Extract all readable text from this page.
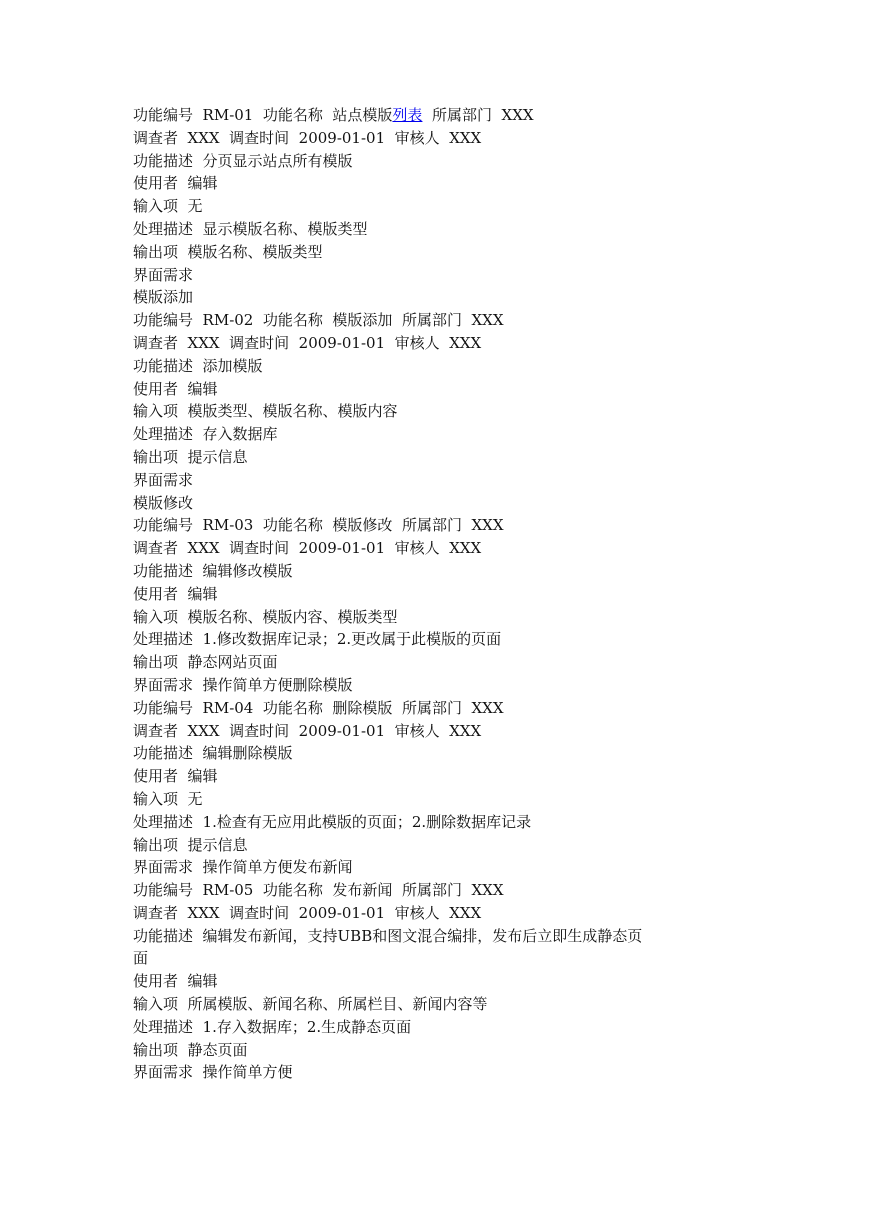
功能编号  RM-01  功能名称  站点模版列表  所属部门  XXX
调查者  XXX  调查时间  2009-01-01  审核人  XXX
功能描述  分页显示站点所有模版
使用者  编辑
输入项  无
处理描述  显示模版名称、模版类型
输出项  模版名称、模版类型
界面需求
模版添加
功能编号  RM-02  功能名称  模版添加  所属部门  XXX
调查者  XXX  调查时间  2009-01-01  审核人  XXX
功能描述  添加模版
使用者  编辑
输入项  模版类型、模版名称、模版内容
处理描述  存入数据库
输出项  提示信息
界面需求
模版修改
功能编号  RM-03  功能名称  模版修改  所属部门  XXX
调查者  XXX  调查时间  2009-01-01  审核人  XXX
功能描述  编辑修改模版
使用者  编辑
输入项  模版名称、模版内容、模版类型
处理描述  1.修改数据库记录；2.更改属于此模版的页面
输出项  静态网站页面
界面需求  操作简单方便删除模版
功能编号  RM-04  功能名称  删除模版  所属部门  XXX
调查者  XXX  调查时间  2009-01-01  审核人  XXX
功能描述  编辑删除模版
使用者  编辑
输入项  无
处理描述  1.检查有无应用此模版的页面；2.删除数据库记录
输出项  提示信息
界面需求  操作简单方便发布新闻
功能编号  RM-05  功能名称  发布新闻  所属部门  XXX
调查者  XXX  调查时间  2009-01-01  审核人  XXX
功能描述  编辑发布新闻，支持UBB和图文混合编排，发布后立即生成静态页
面
使用者  编辑
输入项  所属模版、新闻名称、所属栏目、新闻内容等
处理描述  1.存入数据库；2.生成静态页面
输出项  静态页面
界面需求  操作简单方便
